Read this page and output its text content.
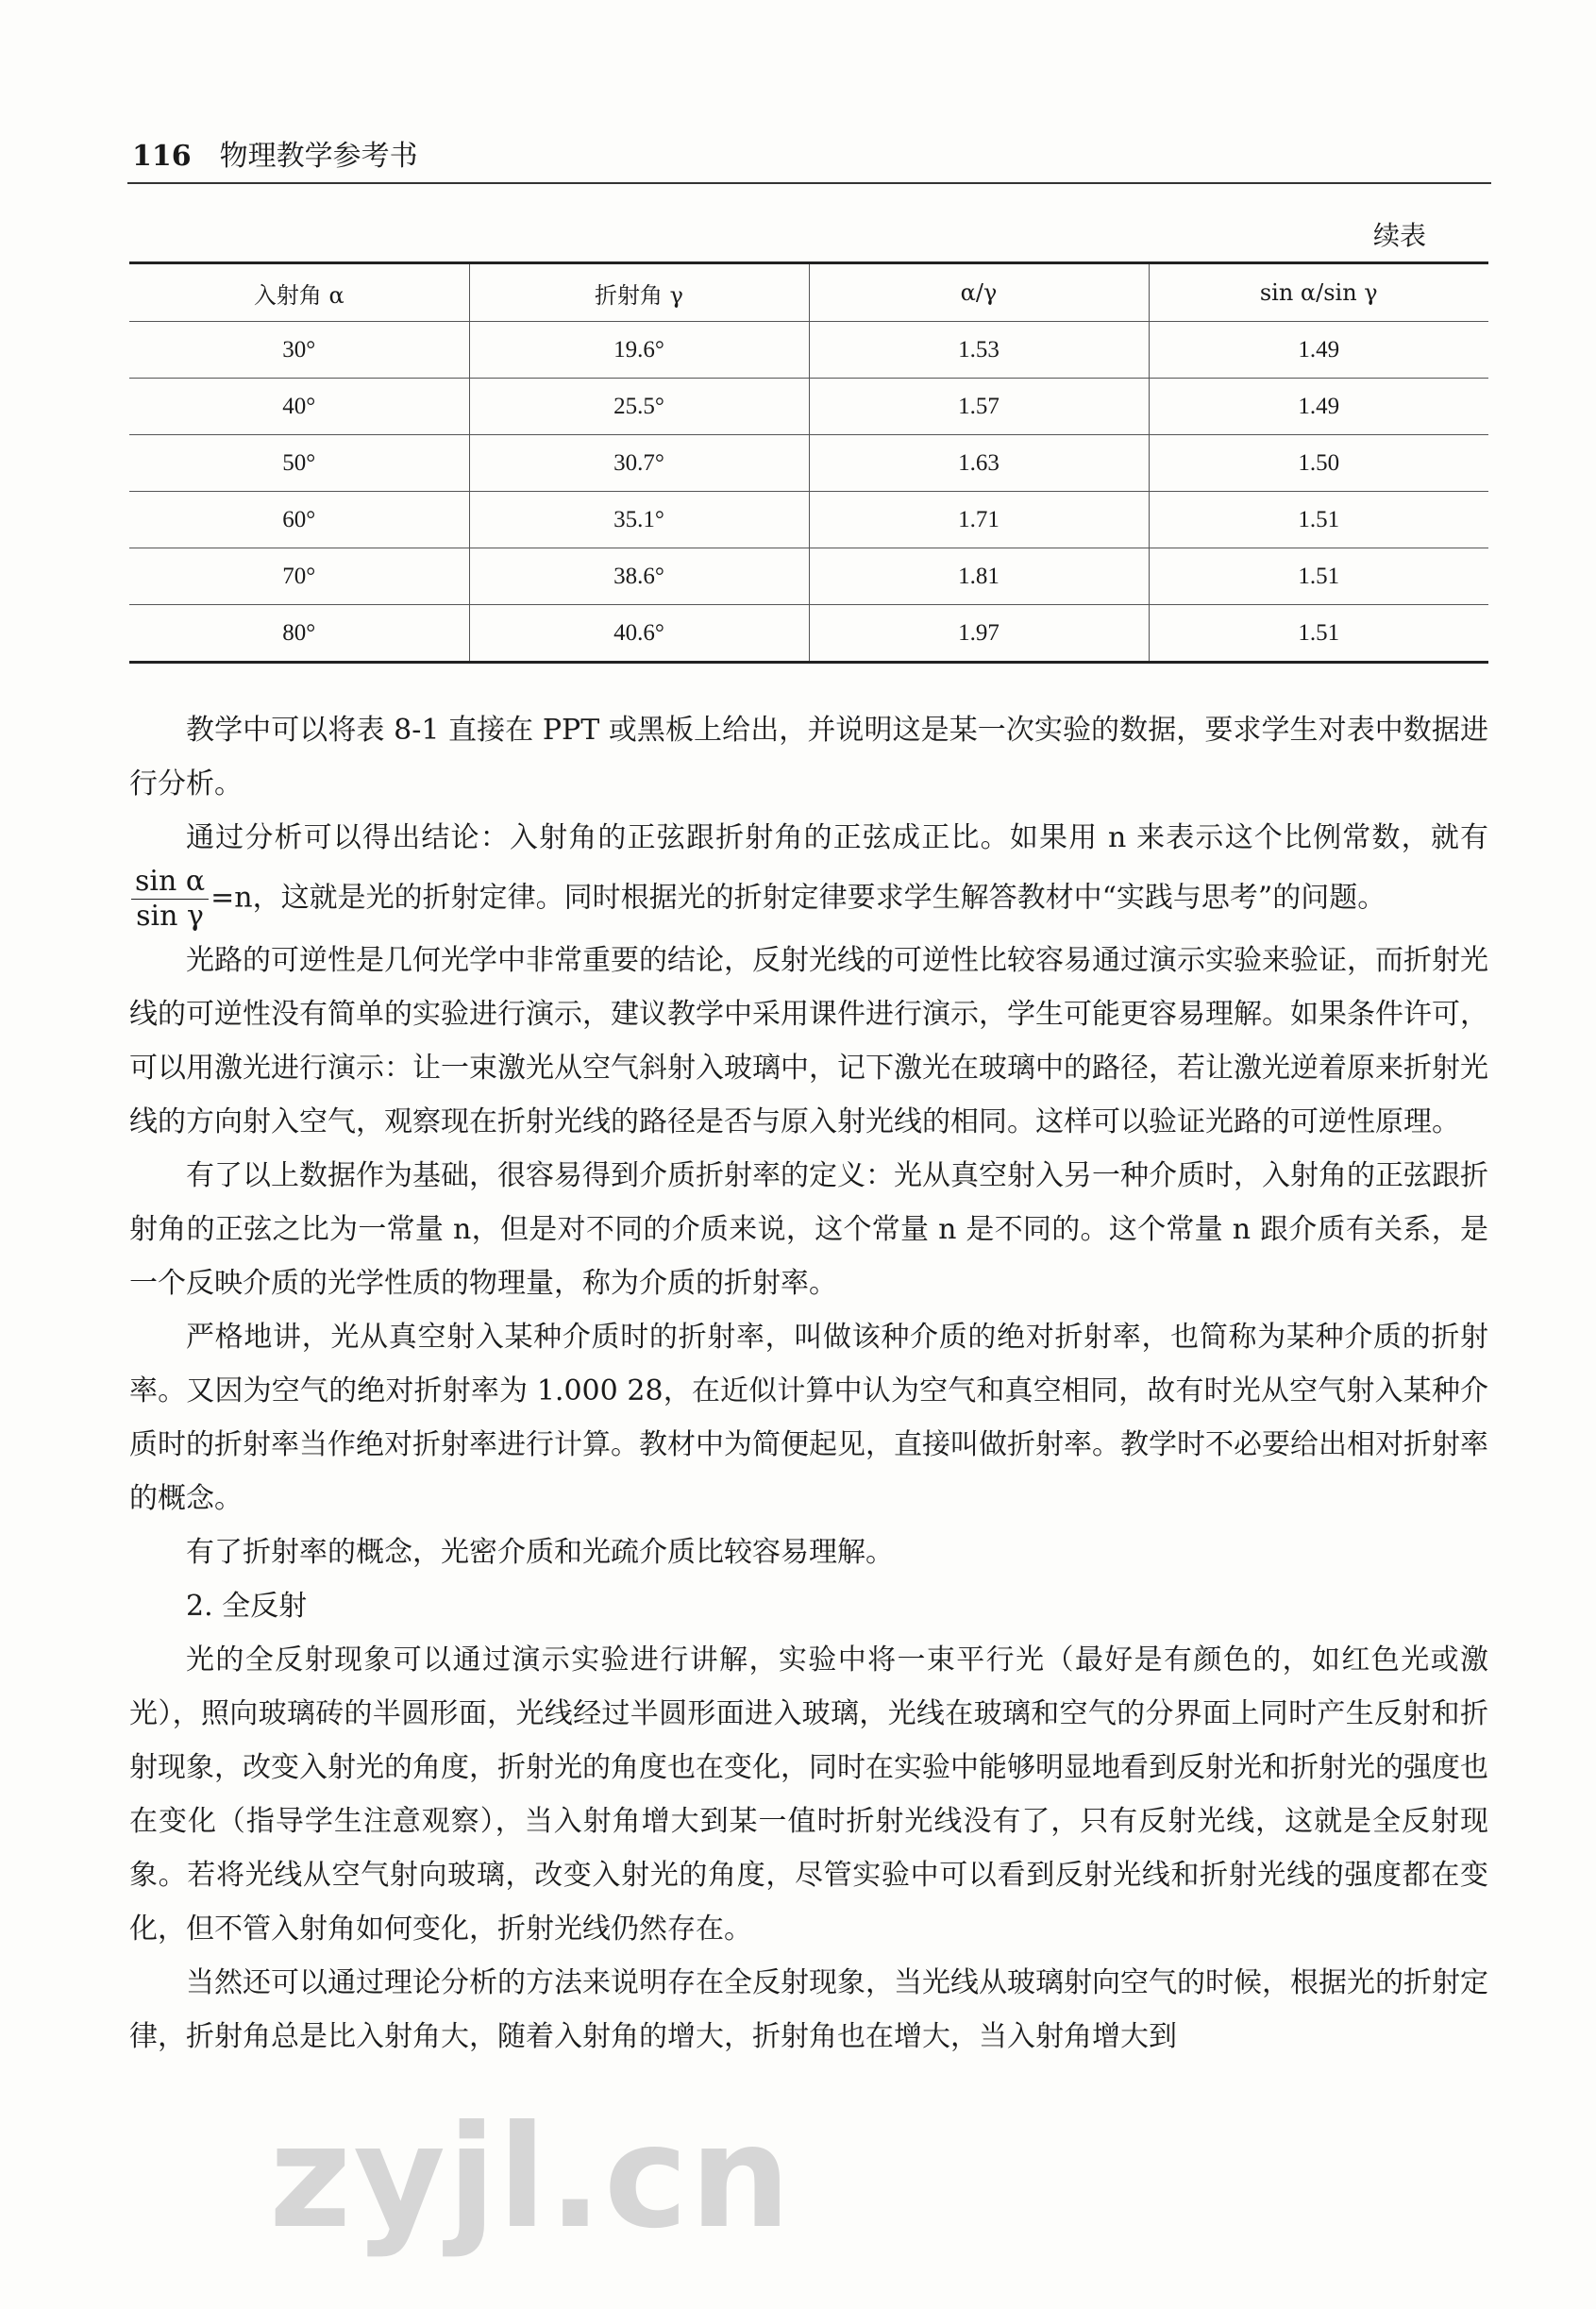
116 物理教学参考书
续表
入射角 α	折射角 γ	α/γ	sin α/sin γ
30°	19.6°	1.53	1.49
40°	25.5°	1.57	1.49
50°	30.7°	1.63	1.50
60°	35.1°	1.71	1.51
70°	38.6°	1.81	1.51
80°	40.6°	1.97	1.51

教学中可以将表 8-1 直接在 PPT 或黑板上给出，并说明这是某一次实验的数据，要求学生对表中数据进行分析。

通过分析可以得出结论：入射角的正弦跟折射角的正弦成正比。如果用 n 来表示这个比例常数，就有
$\frac{\text{sin α}}{\text{sin γ}} =n$，这就是光的折射定律。同时根据光的折射定律要求学生解答教材中“实践与思考”的问题。

光路的可逆性是几何光学中非常重要的结论，反射光线的可逆性比较容易通过演示实验来验证，而折射光线的可逆性没有简单的实验进行演示，建议教学中采用课件进行演示，学生可能更容易理解。如果条件许可，可以用激光进行演示：让一束激光从空气斜射入玻璃中，记下激光在玻璃中的路径，若让激光逆着原来折射光线的方向射入空气，观察现在折射光线的路径是否与原入射光线的相同。这样可以验证光路的可逆性原理。

有了以上数据作为基础，很容易得到介质折射率的定义：光从真空射入另一种介质时，入射角的正弦跟折射角的正弦之比为一常量 n，但是对不同的介质来说，这个常量 n 是不同的。这个常量 n 跟介质有关系，是一个反映介质的光学性质的物理量，称为介质的折射率。

严格地讲，光从真空射入某种介质时的折射率，叫做该种介质的绝对折射率，也简称为某种介质的折射率。又因为空气的绝对折射率为 1.000 28，在近似计算中认为空气和真空相同，故有时光从空气射入某种介质时的折射率当作绝对折射率进行计算。教材中为简便起见，直接叫做折射率。教学时不必要给出相对折射率的概念。

有了折射率的概念，光密介质和光疏介质比较容易理解。

2. 全反射

光的全反射现象可以通过演示实验进行讲解，实验中将一束平行光（最好是有颜色的，如红色光或激光），照向玻璃砖的半圆形面，光线经过半圆形面进入玻璃，光线在玻璃和空气的分界面上同时产生反射和折射现象，改变入射光的角度，折射光的角度也在变化，同时在实验中能够明显地看到反射光和折射光的强度也在变化（指导学生注意观察），当入射角增大到某一值时折射光线没有了，只有反射光线，这就是全反射现象。若将光线从空气射向玻璃，改变入射光的角度，尽管实验中可以看到反射光线和折射光线的强度都在变化，但不管入射角如何变化，折射光线仍然存在。

当然还可以通过理论分析的方法来说明存在全反射现象，当光线从玻璃射向空气的时候，根据光的折射定律，折射角总是比入射角大，随着入射角的增大，折射角也在增大，当入射角增大到

zyjl.cn
